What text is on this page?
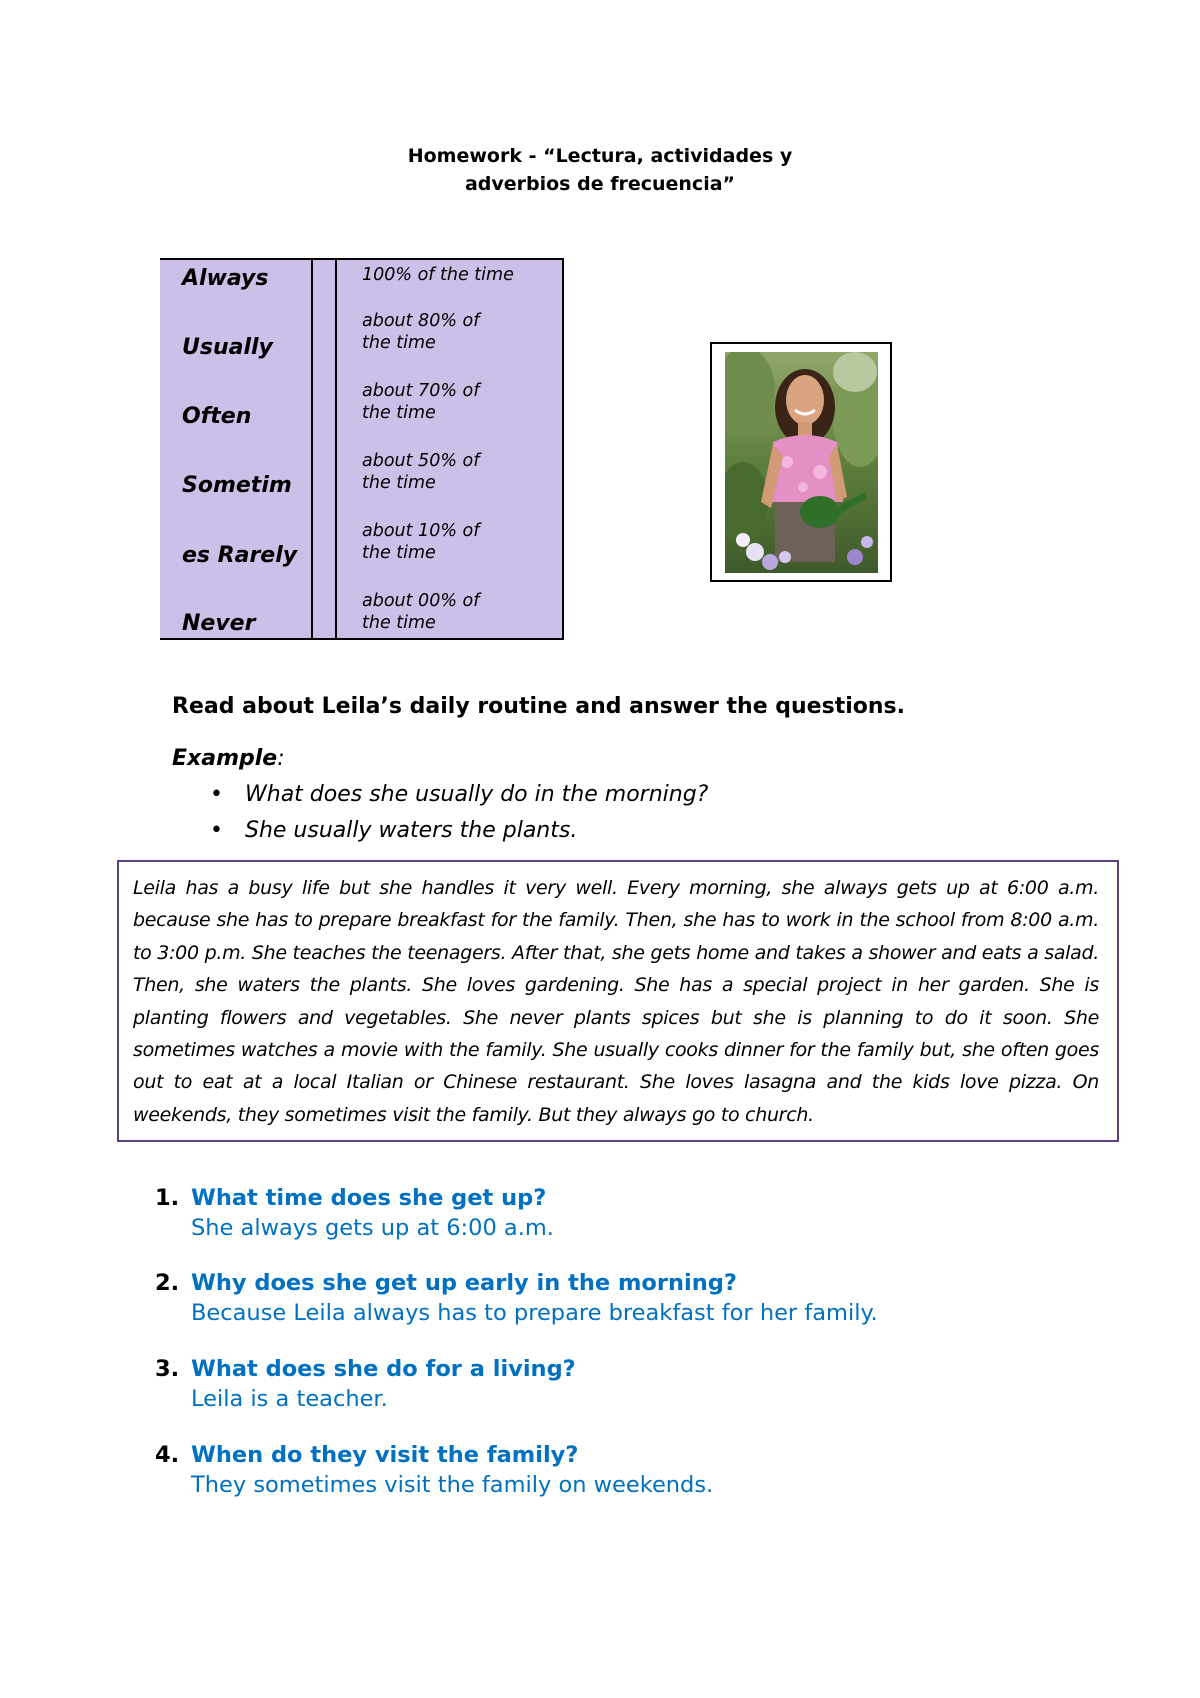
Homework - “Lectura, actividades y
adverbios de frecuencia”
Always
Usually
Often
Sometim
es Rarely
Never
100% of the time
about 80% of the time
about 70% of the time
about 50% of the time
about 10% of the time
about 00% of the time
Read about Leila’s daily routine and answer the questions.
Example:
• What does she usually do in the morning?
• She usually waters the plants.
Leila has a busy life but she handles it very well. Every morning, she always gets up at 6:00 a.m. because she has to prepare breakfast for the family. Then, she has to work in the school from 8:00 a.m. to 3:00 p.m. She teaches the teenagers. After that, she gets home and takes a shower and eats a salad. Then, she waters the plants. She loves gardening. She has a special project in her garden. She is planting flowers and vegetables. She never plants spices but she is planning to do it soon. She sometimes watches a movie with the family. She usually cooks dinner for the family but, she often goes out to eat at a local Italian or Chinese restaurant. She loves lasagna and the kids love pizza. On weekends, they sometimes visit the family. But they always go to church.
1. What time does she get up?
She always gets up at 6:00 a.m.
2. Why does she get up early in the morning?
Because Leila always has to prepare breakfast for her family.
3. What does she do for a living?
Leila is a teacher.
4. When do they visit the family?
They sometimes visit the family on weekends.
